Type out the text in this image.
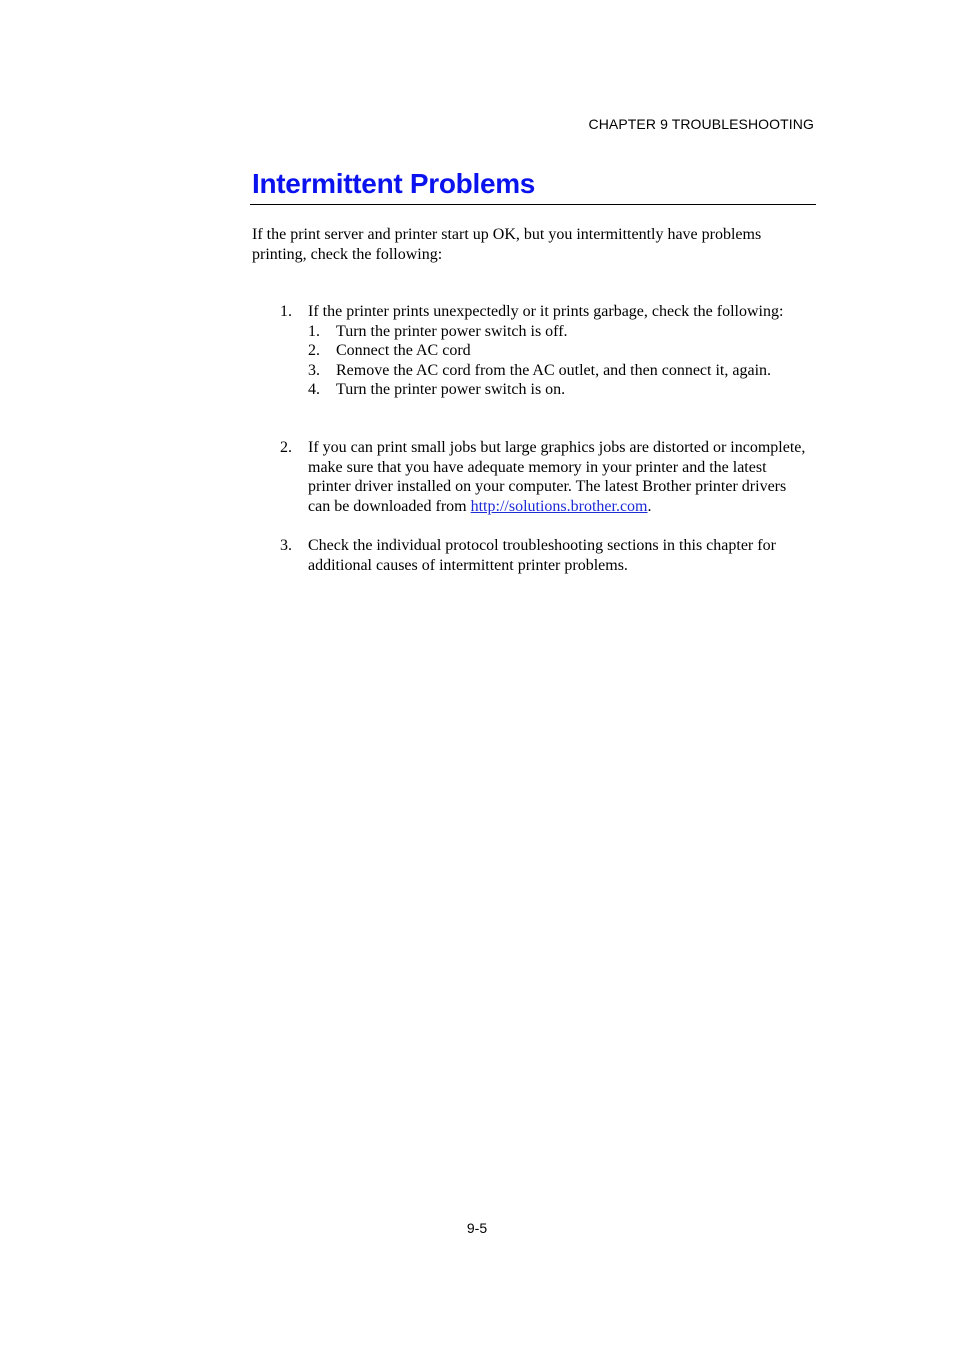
CHAPTER 9 TROUBLESHOOTING
Intermittent Problems

If the print server and printer start up OK, but you intermittently have problems printing, check the following:

1. If the printer prints unexpectedly or it prints garbage, check the following:
1. Turn the printer power switch is off.
2. Connect the AC cord
3. Remove the AC cord from the AC outlet, and then connect it, again.
4. Turn the printer power switch is on.
2. If you can print small jobs but large graphics jobs are distorted or incomplete, make sure that you have adequate memory in your printer and the latest printer driver installed on your computer. The latest Brother printer drivers can be downloaded from http://solutions.brother.com.
3. Check the individual protocol troubleshooting sections in this chapter for additional causes of intermittent printer problems.
9-5
